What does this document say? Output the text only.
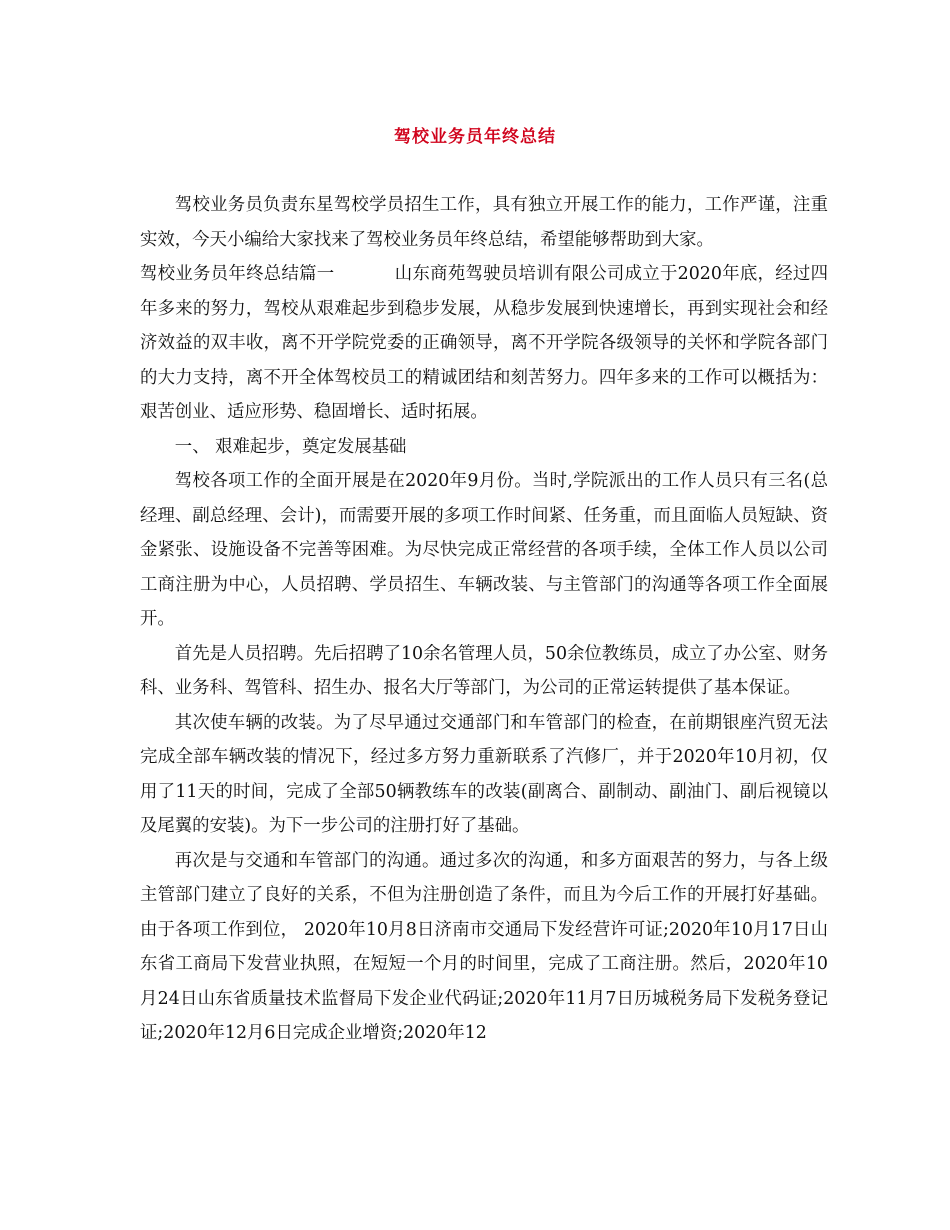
驾校业务员年终总结

驾校业务员负责东星驾校学员招生工作，具有独立开展工作的能力，工作严谨，注重实效，今天小编给大家找来了驾校业务员年终总结，希望能够帮助到大家。

驾校业务员年终总结篇一	山东商苑驾驶员培训有限公司成立于2020年底，经过四年多来的努力，驾校从艰难起步到稳步发展，从稳步发展到快速增长，再到实现社会和经济效益的双丰收，离不开学院党委的正确领导，离不开学院各级领导的关怀和学院各部门的大力支持，离不开全体驾校员工的精诚团结和刻苦努力。四年多来的工作可以概括为：艰苦创业、适应形势、稳固增长、适时拓展。

一、 艰难起步，奠定发展基础

驾校各项工作的全面开展是在2020年9月份。当时,学院派出的工作人员只有三名(总经理、副总经理、会计)，而需要开展的多项工作时间紧、任务重，而且面临人员短缺、资金紧张、设施设备不完善等困难。为尽快完成正常经营的各项手续，全体工作人员以公司工商注册为中心，人员招聘、学员招生、车辆改装、与主管部门的沟通等各项工作全面展开。

首先是人员招聘。先后招聘了10余名管理人员，50余位教练员，成立了办公室、财务科、业务科、驾管科、招生办、报名大厅等部门，为公司的正常运转提供了基本保证。

其次使车辆的改装。为了尽早通过交通部门和车管部门的检查，在前期银座汽贸无法完成全部车辆改装的情况下，经过多方努力重新联系了汽修厂，并于2020年10月初，仅用了11天的时间，完成了全部50辆教练车的改装(副离合、副制动、副油门、副后视镜以及尾翼的安装)。为下一步公司的注册打好了基础。

再次是与交通和车管部门的沟通。通过多次的沟通，和多方面艰苦的努力，与各上级主管部门建立了良好的关系，不但为注册创造了条件，而且为今后工作的开展打好基础。由于各项工作到位， 2020年10月8日济南市交通局下发经营许可证;2020年10月17日山东省工商局下发营业执照，在短短一个月的时间里，完成了工商注册。然后，2020年10月24日山东省质量技术监督局下发企业代码证;2020年11月7日历城税务局下发税务登记证;2020年12月6日完成企业增资;2020年12
